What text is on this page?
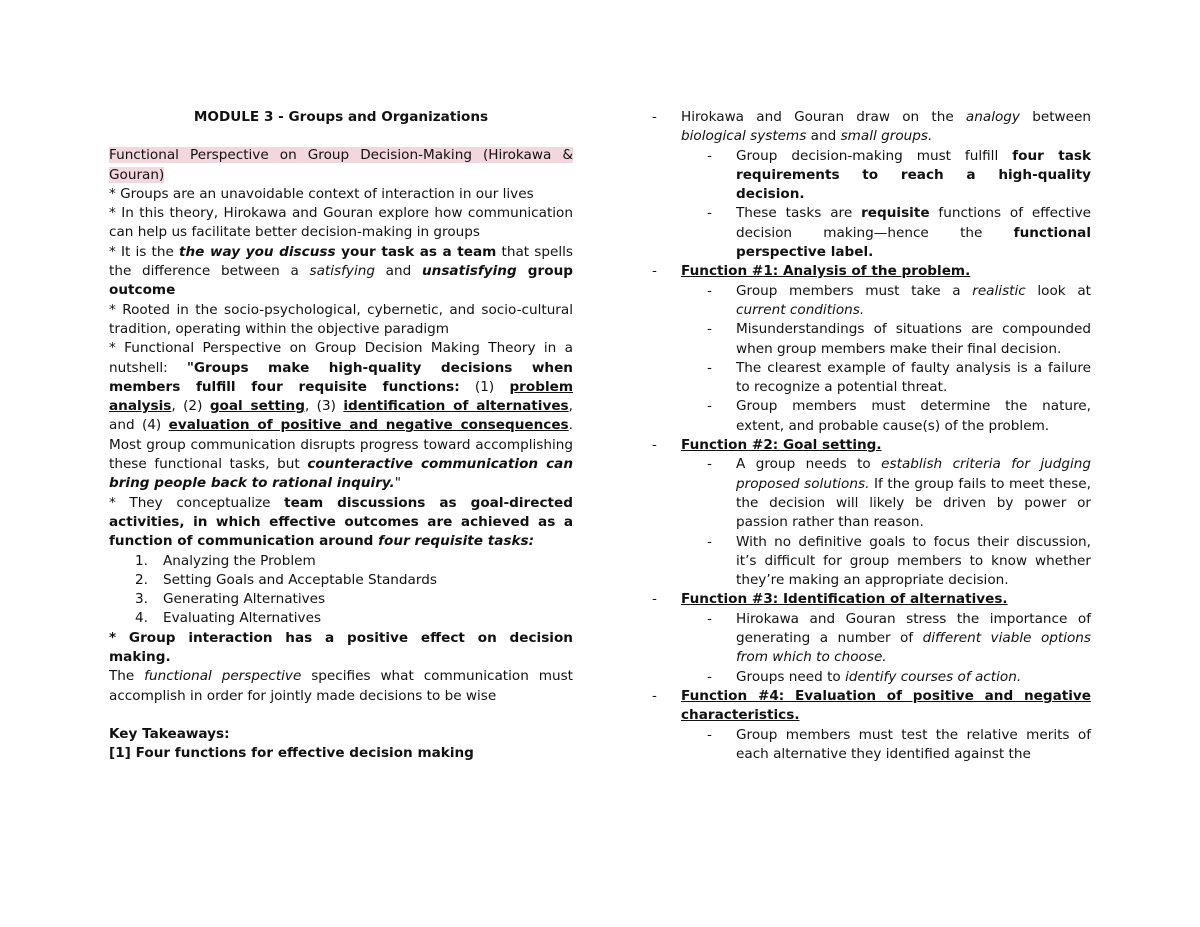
MODULE 3 - Groups and Organizations
Functional Perspective on Group Decision-Making (Hirokawa & Gouran)
* Groups are an unavoidable context of interaction in our lives
* In this theory, Hirokawa and Gouran explore how communication can help us facilitate better decision-making in groups
* It is the the way you discuss your task as a team that spells the difference between a satisfying and unsatisfying group outcome
* Rooted in the socio-psychological, cybernetic, and socio-cultural tradition, operating within the objective paradigm
* Functional Perspective on Group Decision Making Theory in a nutshell: "Groups make high-quality decisions when members fulfill four requisite functions: (1) problem analysis, (2) goal setting, (3) identification of alternatives, and (4) evaluation of positive and negative consequences. Most group communication disrupts progress toward accomplishing these functional tasks, but counteractive communication can bring people back to rational inquiry."
* They conceptualize team discussions as goal-directed activities, in which effective outcomes are achieved as a function of communication around four requisite tasks:
1. Analyzing the Problem
2. Setting Goals and Acceptable Standards
3. Generating Alternatives
4. Evaluating Alternatives
* Group interaction has a positive effect on decision making.
The functional perspective specifies what communication must accomplish in order for jointly made decisions to be wise
Key Takeaways:
[1] Four functions for effective decision making
- Hirokawa and Gouran draw on the analogy between biological systems and small groups.
- Group decision-making must fulfill four task requirements to reach a high-quality decision.
- These tasks are requisite functions of effective decision making—hence the functional perspective label.
- Function #1: Analysis of the problem.
- Group members must take a realistic look at current conditions.
- Misunderstandings of situations are compounded when group members make their final decision.
- The clearest example of faulty analysis is a failure to recognize a potential threat.
- Group members must determine the nature, extent, and probable cause(s) of the problem.
- Function #2: Goal setting.
- A group needs to establish criteria for judging proposed solutions. If the group fails to meet these, the decision will likely be driven by power or passion rather than reason.
- With no definitive goals to focus their discussion, it’s difficult for group members to know whether they’re making an appropriate decision.
- Function #3: Identification of alternatives.
- Hirokawa and Gouran stress the importance of generating a number of different viable options from which to choose.
- Groups need to identify courses of action.
- Function #4: Evaluation of positive and negative characteristics.
- Group members must test the relative merits of each alternative they identified against the
